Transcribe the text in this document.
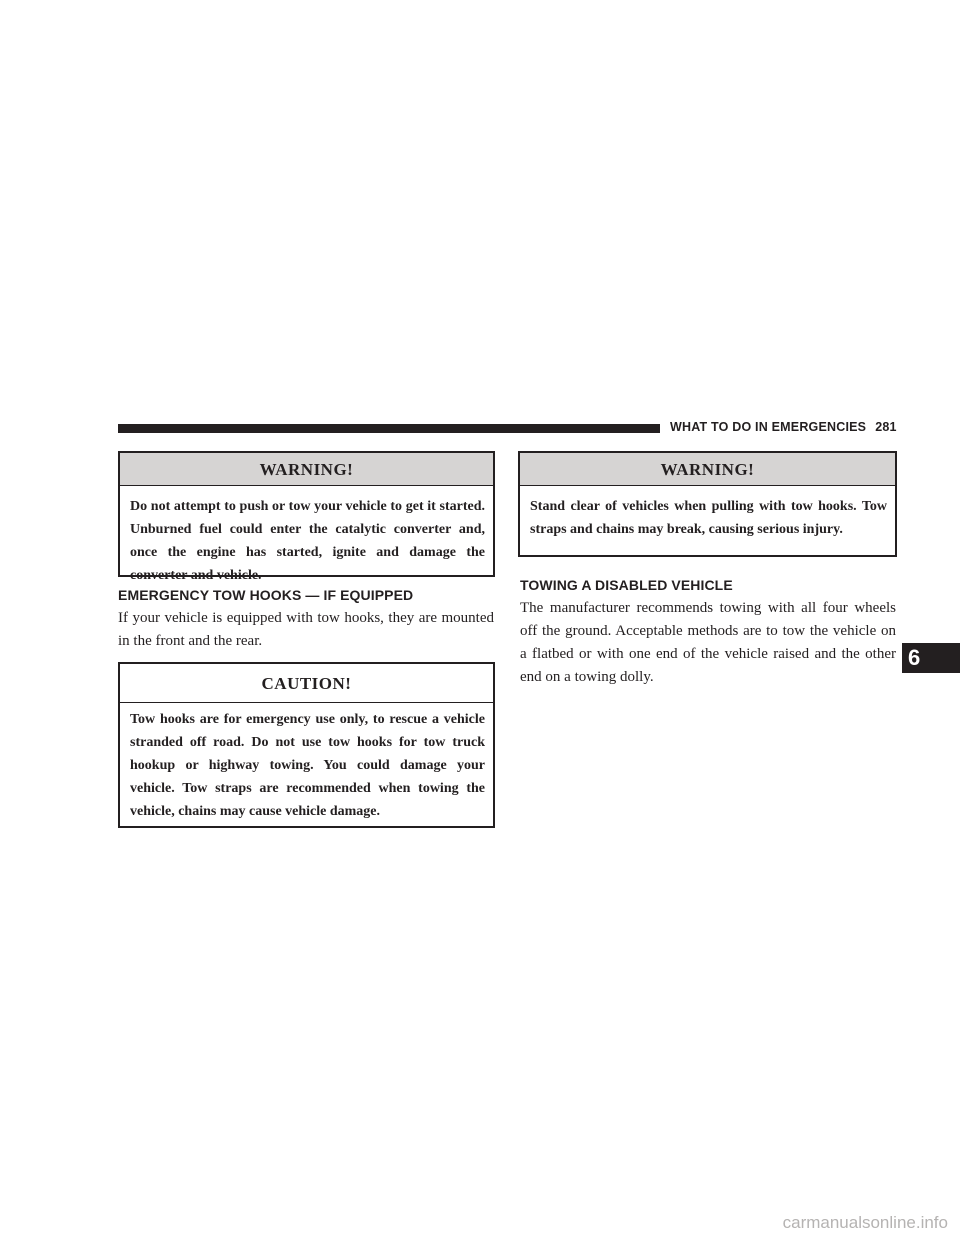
WHAT TO DO IN EMERGENCIES 281
WARNING!
Do not attempt to push or tow your vehicle to get it started. Unburned fuel could enter the catalytic converter and, once the engine has started, ignite and damage the converter and vehicle.
EMERGENCY TOW HOOKS — IF EQUIPPED

If your vehicle is equipped with tow hooks, they are mounted in the front and the rear.

CAUTION!
Tow hooks are for emergency use only, to rescue a vehicle stranded off road. Do not use tow hooks for tow truck hookup or highway towing. You could damage your vehicle. Tow straps are recommended when towing the vehicle, chains may cause vehicle damage.
WARNING!
Stand clear of vehicles when pulling with tow hooks. Tow straps and chains may break, causing serious injury.
TOWING A DISABLED VEHICLE

The manufacturer recommends towing with all four wheels off the ground. Acceptable methods are to tow the vehicle on a flatbed or with one end of the vehicle raised and the other end on a towing dolly.

6
carmanualsonline.info
